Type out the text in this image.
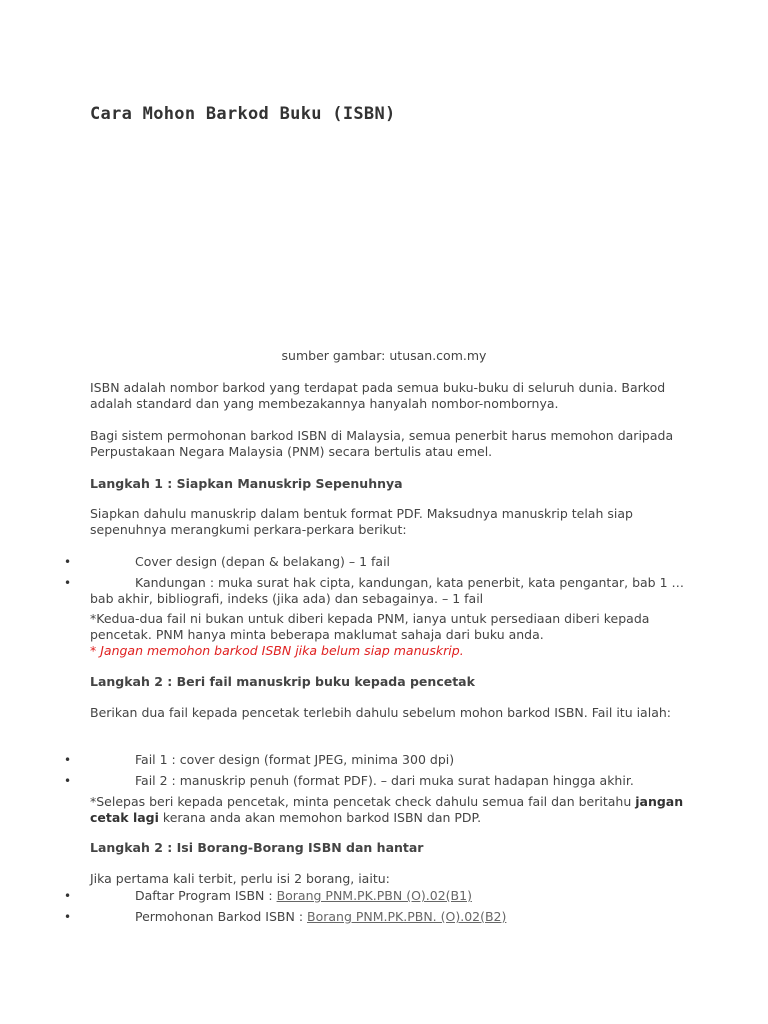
Cara Mohon Barkod Buku (ISBN)
sumber gambar: utusan.com.my
ISBN adalah nombor barkod yang terdapat pada semua buku-buku di seluruh dunia. Barkod adalah standard dan yang membezakannya hanyalah nombor-nombornya.
Bagi sistem permohonan barkod ISBN di Malaysia, semua penerbit harus memohon daripada Perpustakaan Negara Malaysia (PNM) secara bertulis atau emel.
Langkah 1 : Siapkan Manuskrip Sepenuhnya
Siapkan dahulu manuskrip dalam bentuk format PDF. Maksudnya manuskrip telah siap sepenuhnya merangkumi perkara-perkara berikut:
•	Cover design (depan & belakang) – 1 fail
•	Kandungan : muka surat hak cipta, kandungan, kata penerbit, kata pengantar, bab 1 … bab akhir, bibliografi, indeks (jika ada) dan sebagainya. – 1 fail
*Kedua-dua fail ni bukan untuk diberi kepada PNM, ianya untuk persediaan diberi kepada pencetak. PNM hanya minta beberapa maklumat sahaja dari buku anda.
* Jangan memohon barkod ISBN jika belum siap manuskrip.
Langkah 2 : Beri fail manuskrip buku kepada pencetak
Berikan dua fail kepada pencetak terlebih dahulu sebelum mohon barkod ISBN. Fail itu ialah:
•	Fail 1 : cover design (format JPEG, minima 300 dpi)
•	Fail 2 : manuskrip penuh (format PDF). – dari muka surat hadapan hingga akhir.
*Selepas beri kepada pencetak, minta pencetak check dahulu semua fail dan beritahu jangan cetak lagi kerana anda akan memohon barkod ISBN dan PDP.
Langkah 2 : Isi Borang-Borang ISBN dan hantar
Jika pertama kali terbit, perlu isi 2 borang, iaitu:
•	Daftar Program ISBN : Borang PNM.PK.PBN (O).02(B1)
•	Permohonan Barkod ISBN : Borang PNM.PK.PBN. (O).02(B2)
